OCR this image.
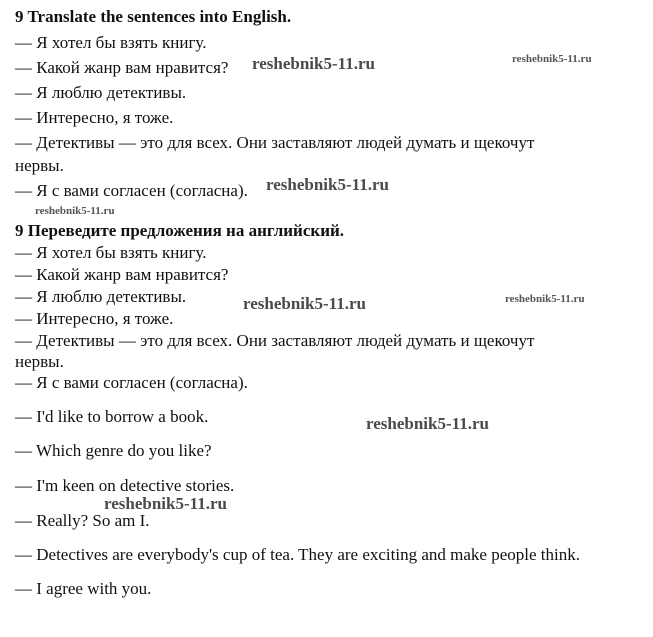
9 Translate the sentences into English.
— Я хотел бы взять книгу.
— Какой жанр вам нравится?
— Я люблю детективы.
— Интересно, я тоже.
— Детективы — это для всех. Они заставляют людей думать и щекочут
нервы.
— Я с вами согласен (согласна).
9 Переведите предложения на английский.
— Я хотел бы взять книгу.
— Какой жанр вам нравится?
— Я люблю детективы.
— Интересно, я тоже.
— Детективы — это для всех. Они заставляют людей думать и щекочут
нервы.
— Я с вами согласен (согласна).
— I'd like to borrow a book.
— Which genre do you like?
— I'm keen on detective stories.
— Really? So am I.
— Detectives are everybody's cup of tea. They are exciting and make people think.
— I agree with you.
reshebnik5-11.ru	reshebnik5-11.ru
reshebnik5-11.ru
reshebnik5-11.ru
reshebnik5-11.ru	reshebnik5-11.ru
reshebnik5-11.ru
reshebnik5-11.ru
